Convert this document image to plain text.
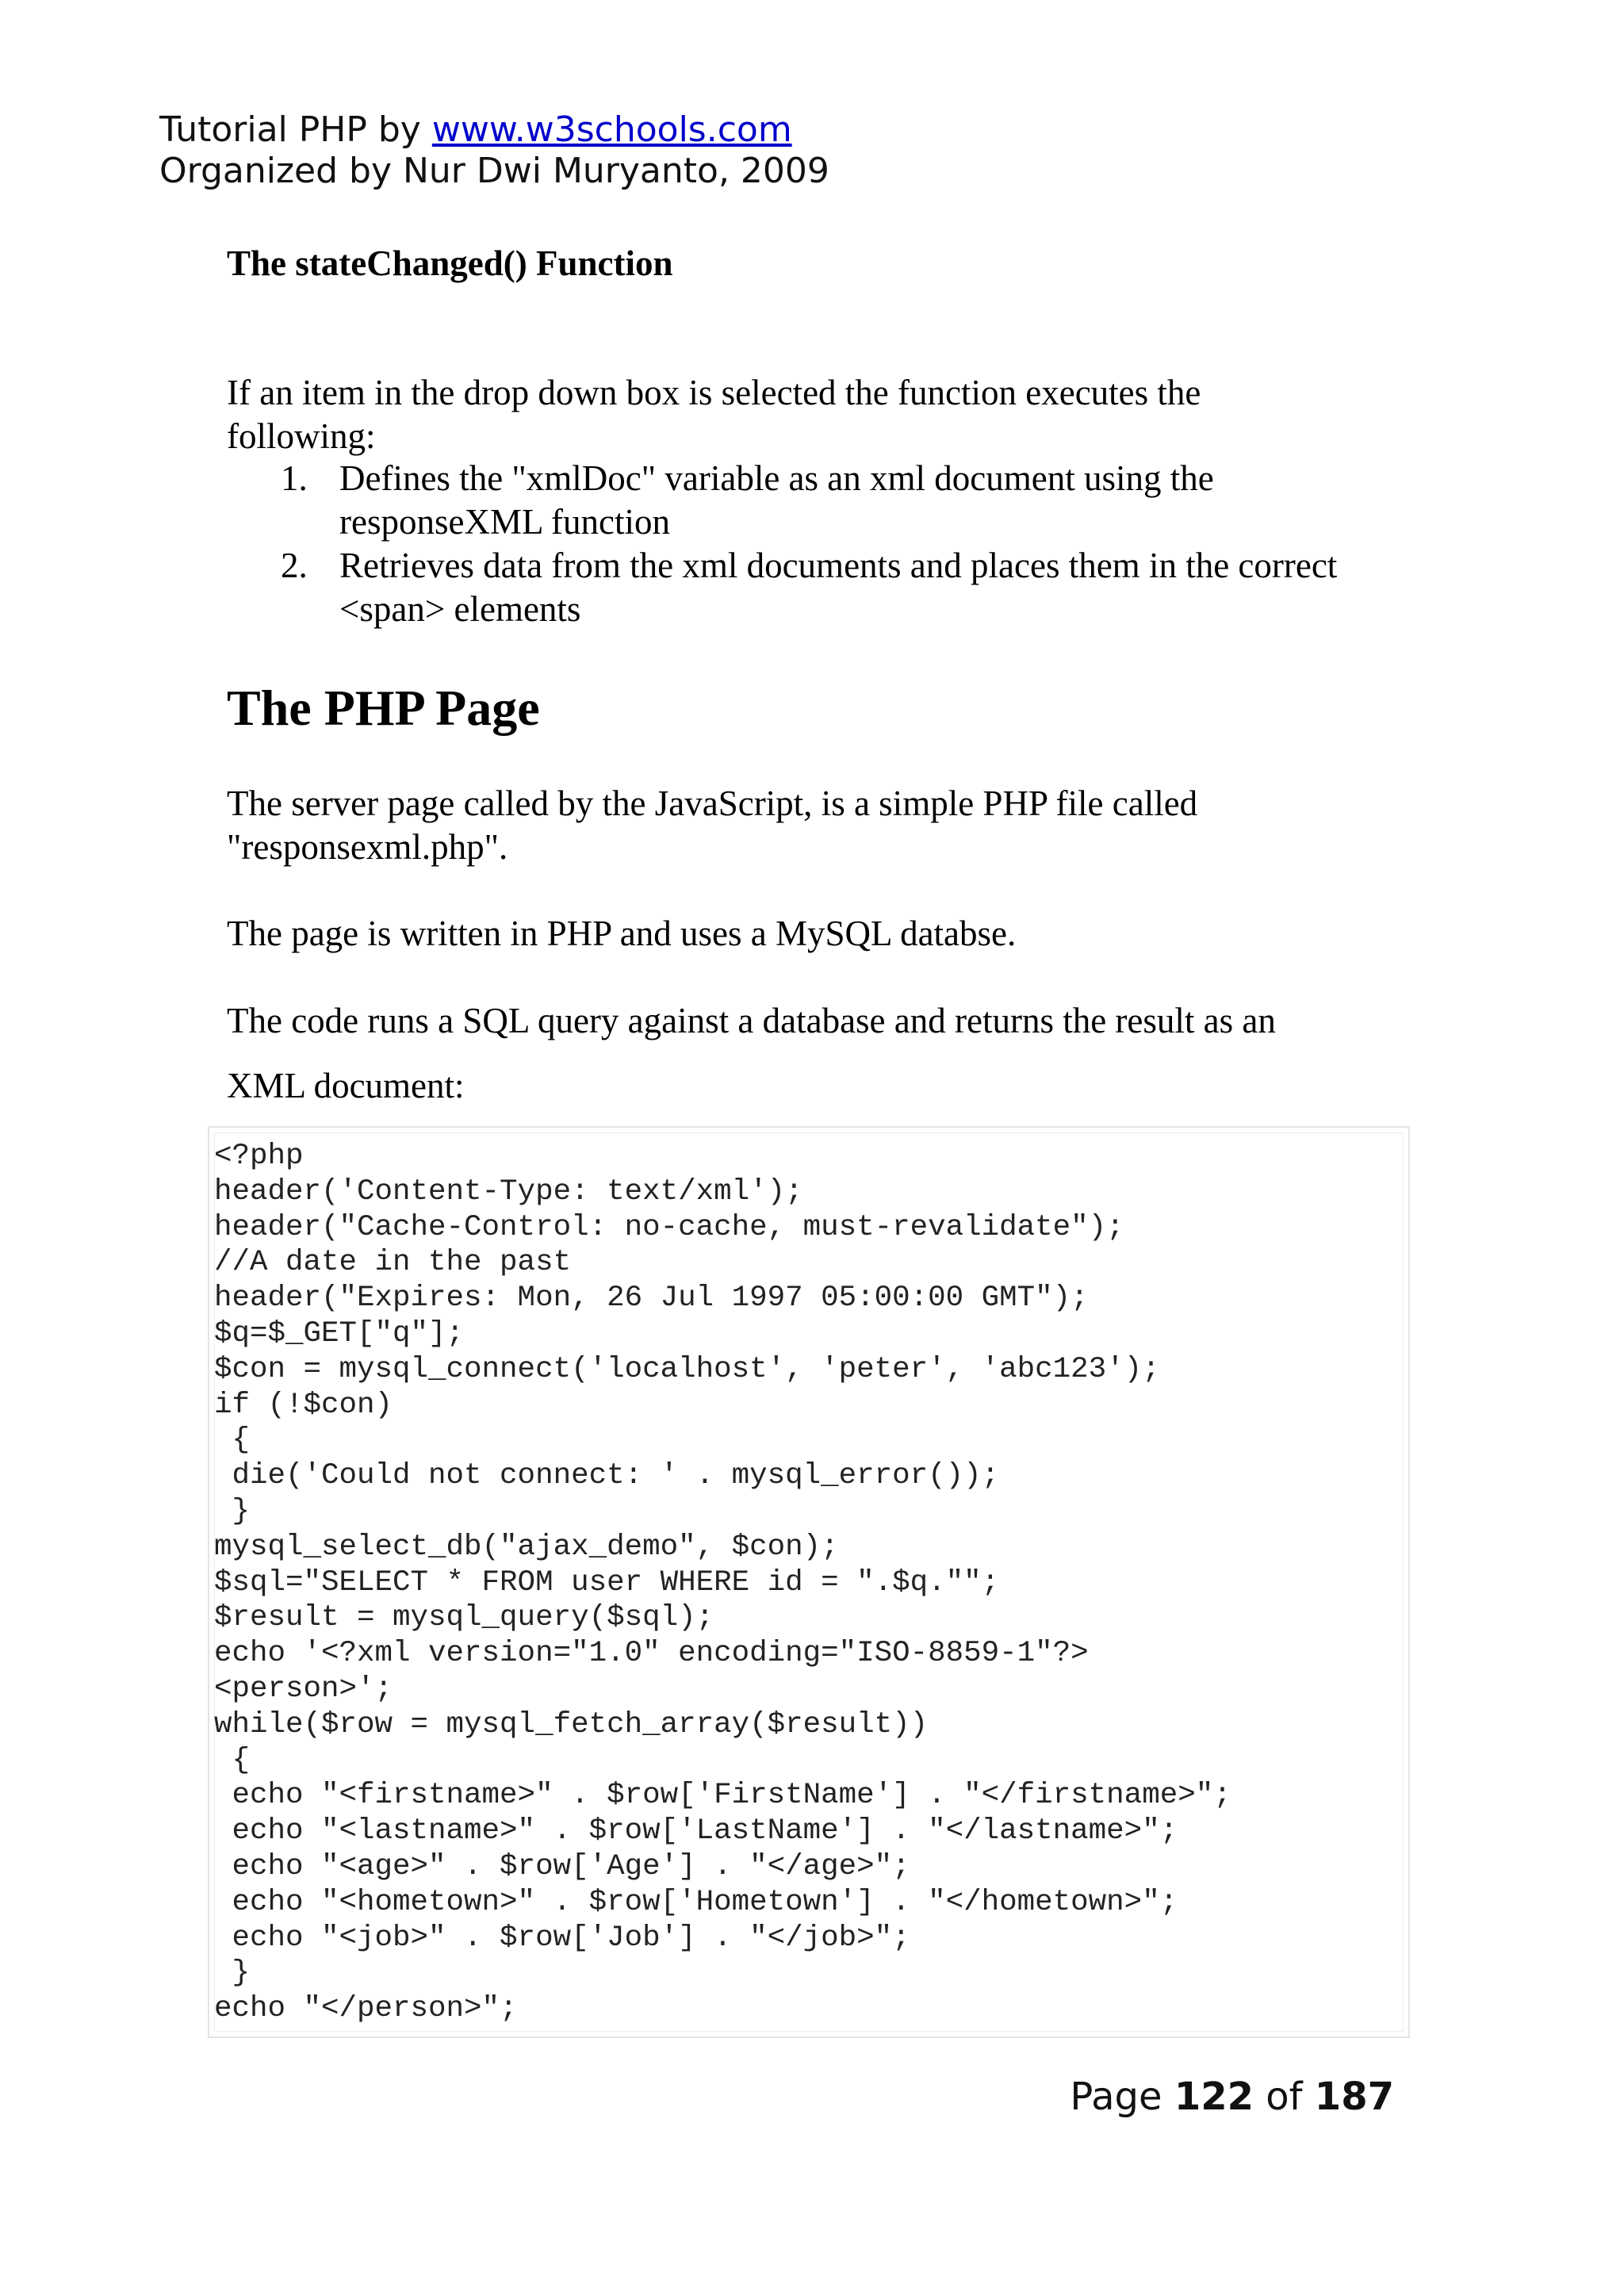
Tutorial PHP by www.w3schools.com
Organized by Nur Dwi Muryanto, 2009
The stateChanged() Function
If an item in the drop down box is selected the function executes the following:
1. Defines the "xmlDoc" variable as an xml document using the responseXML function
2. Retrieves data from the xml documents and places them in the correct <span> elements
The PHP Page
The server page called by the JavaScript, is a simple PHP file called "responsexml.php".
The page is written in PHP and uses a MySQL databse.
The code runs a SQL query against a database and returns the result as an
XML document:
<?php
header('Content-Type: text/xml');
header("Cache-Control: no-cache, must-revalidate");
//A date in the past
header("Expires: Mon, 26 Jul 1997 05:00:00 GMT");
$q=$_GET["q"];
$con = mysql_connect('localhost', 'peter', 'abc123');
if (!$con)
{
die('Could not connect: ' . mysql_error());
}
mysql_select_db("ajax_demo", $con);
$sql="SELECT * FROM user WHERE id = ".$q."";
$result = mysql_query($sql);
echo '<?xml version="1.0" encoding="ISO-8859-1"?>
<person>';
while($row = mysql_fetch_array($result))
{
echo "<firstname>" . $row['FirstName'] . "</firstname>";
echo "<lastname>" . $row['LastName'] . "</lastname>";
echo "<age>" . $row['Age'] . "</age>";
echo "<hometown>" . $row['Hometown'] . "</hometown>";
echo "<job>" . $row['Job'] . "</job>";
}
echo "</person>";
Page 122 of 187
